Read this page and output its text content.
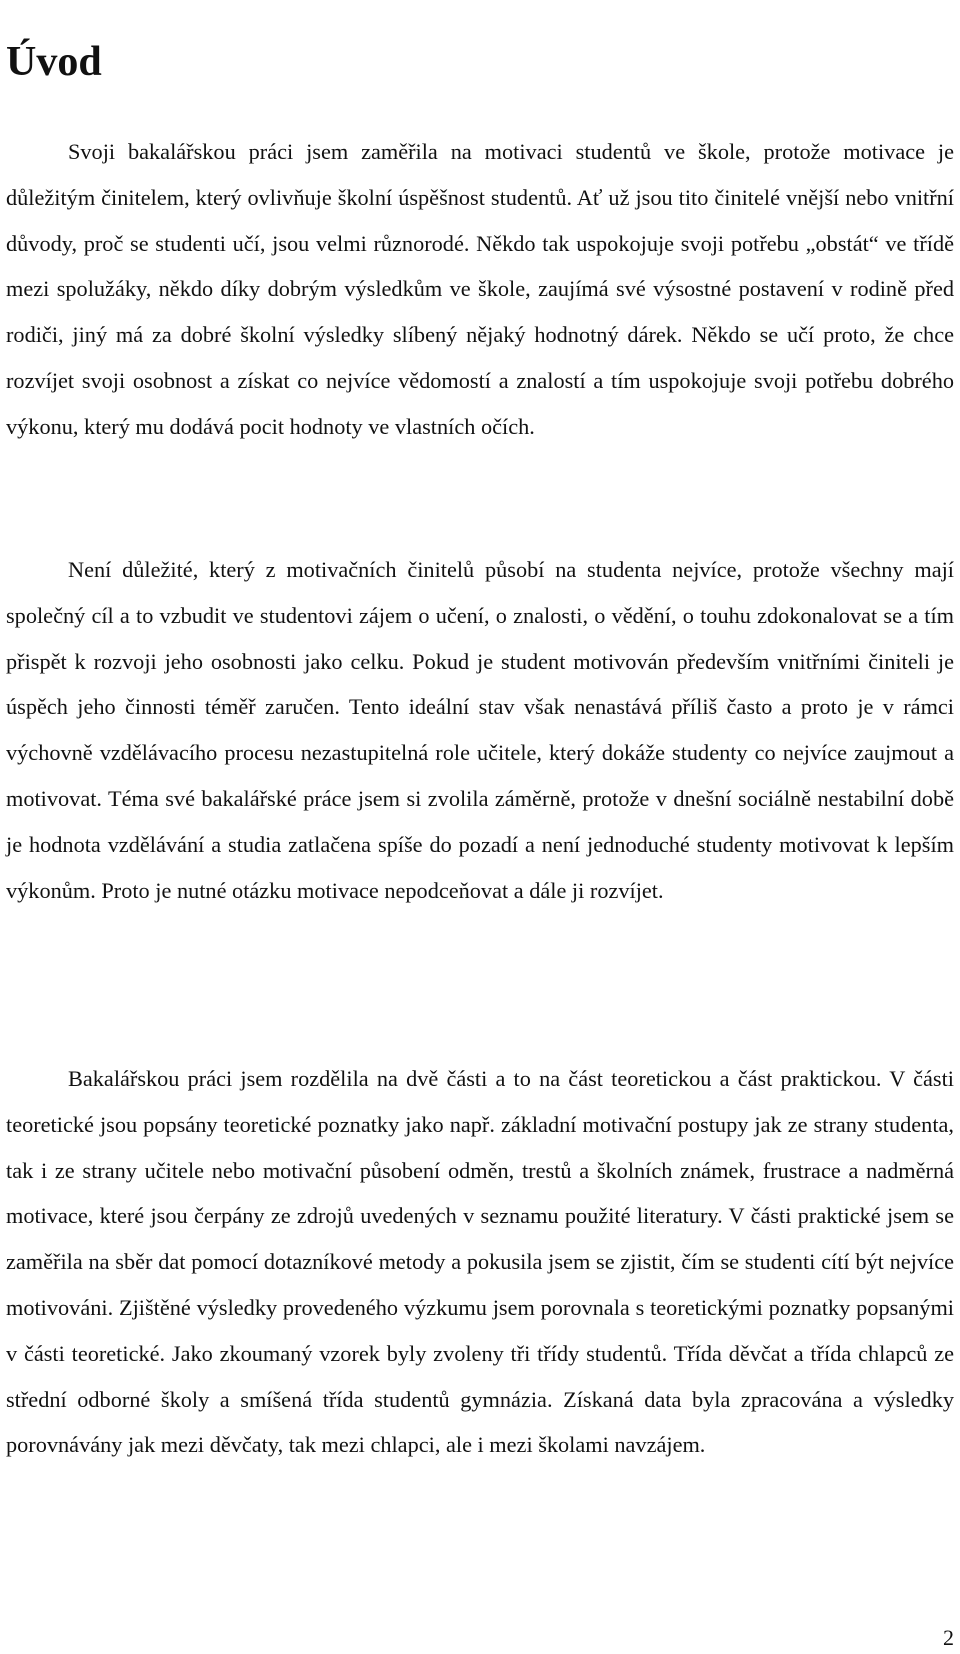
Úvod

Svoji bakalářskou práci jsem zaměřila na motivaci studentů ve škole, protože motivace je důležitým činitelem, který ovlivňuje školní úspěšnost studentů. Ať už jsou tito činitelé vnější nebo vnitřní důvody, proč se studenti učí, jsou velmi různorodé. Někdo tak uspokojuje svoji potřebu „obstát“ ve třídě mezi spolužáky, někdo díky dobrým výsledkům ve škole, zaujímá své výsostné postavení v rodině před rodiči, jiný má za dobré školní výsledky slíbený nějaký hodnotný dárek. Někdo se učí proto, že chce rozvíjet svoji osobnost a získat co nejvíce vědomostí a znalostí a tím uspokojuje svoji potřebu dobrého výkonu, který mu dodává pocit hodnoty ve vlastních očích.

Není důležité, který z motivačních činitelů působí na studenta nejvíce, protože všechny mají společný cíl a to vzbudit ve studentovi zájem o učení, o znalosti, o vědění, o touhu zdokonalovat se a tím přispět k rozvoji jeho osobnosti jako celku. Pokud je student motivován především vnitřními činiteli je úspěch jeho činnosti téměř zaručen. Tento ideální stav však nenastává příliš často a proto je v rámci výchovně vzdělávacího procesu nezastupitelná role učitele, který dokáže studenty co nejvíce zaujmout a motivovat. Téma své bakalářské práce jsem si zvolila záměrně, protože v dnešní sociálně nestabilní době je hodnota vzdělávání a studia zatlačena spíše do pozadí a není jednoduché studenty motivovat k lepším výkonům. Proto je nutné otázku motivace nepodceňovat a dále ji rozvíjet.

Bakalářskou práci jsem rozdělila na dvě části a to na část teoretickou a část praktickou. V části teoretické jsou popsány teoretické poznatky jako např. základní motivační postupy jak ze strany studenta, tak i ze strany učitele nebo motivační působení odměn, trestů a školních známek, frustrace a nadměrná motivace, které jsou čerpány ze zdrojů uvedených v seznamu použité literatury. V části praktické jsem se zaměřila na sběr dat pomocí dotazníkové metody a pokusila jsem se zjistit, čím se studenti cítí být nejvíce motivováni. Zjištěné výsledky provedeného výzkumu jsem porovnala s teoretickými poznatky popsanými v části teoretické. Jako zkoumaný vzorek byly zvoleny tři třídy studentů. Třída děvčat a třída chlapců ze střední odborné školy a smíšená třída studentů gymnázia. Získaná data byla zpracována a výsledky porovnávány jak mezi děvčaty, tak mezi chlapci, ale i mezi školami navzájem.

2
